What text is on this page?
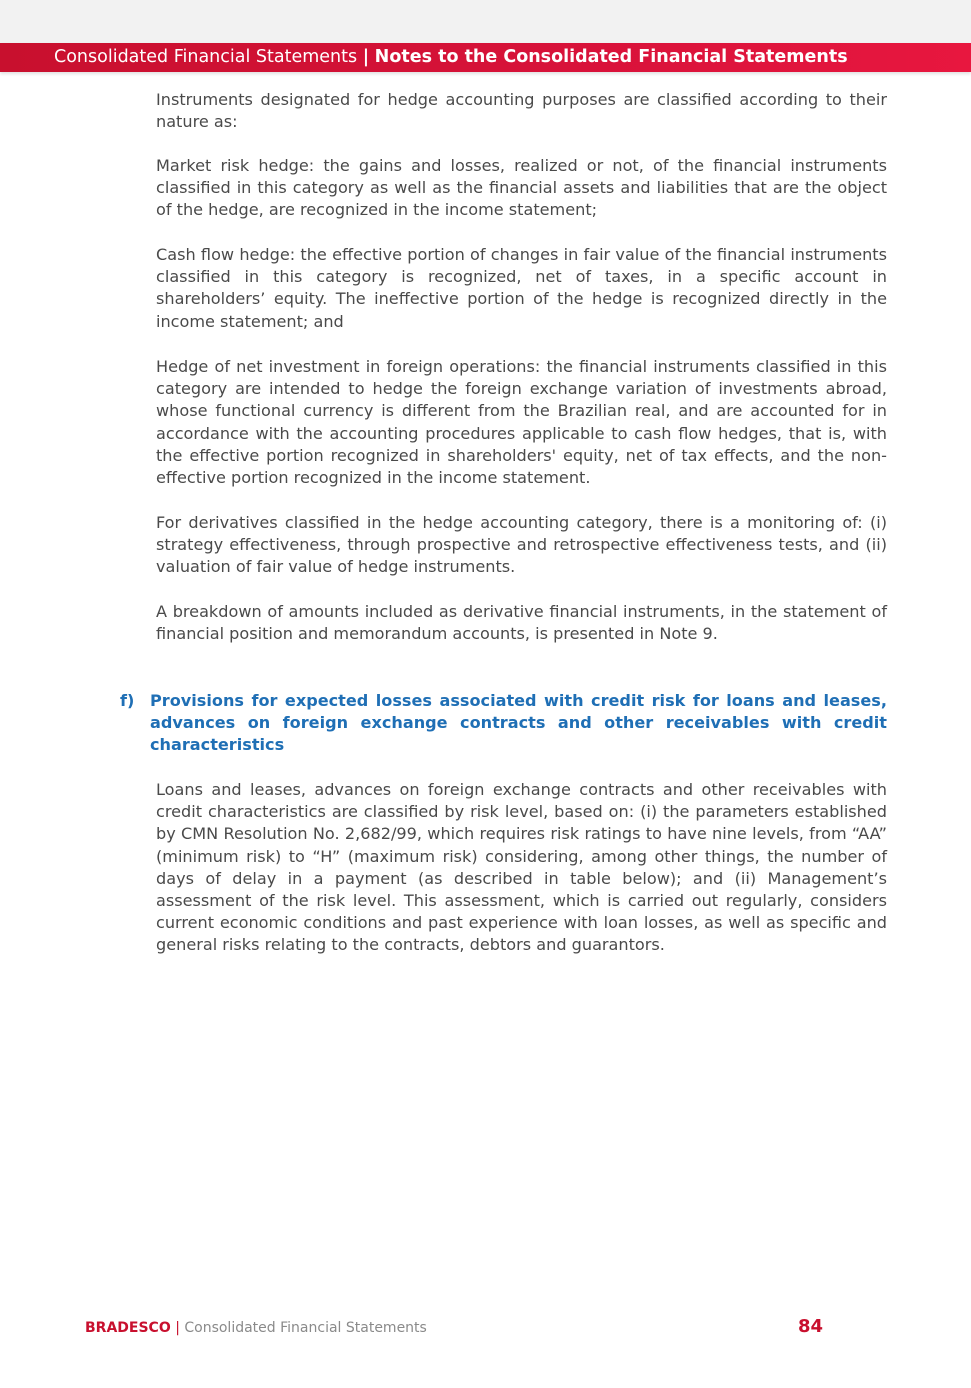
Consolidated Financial Statements | Notes to the Consolidated Financial Statements

Instruments designated for hedge accounting purposes are classified according to their nature as:

Market risk hedge: the gains and losses, realized or not, of the financial instruments classified in this category as well as the financial assets and liabilities that are the object of the hedge, are recognized in the income statement;

Cash flow hedge: the effective portion of changes in fair value of the financial instruments classified in this category is recognized, net of taxes, in a specific account in shareholders’ equity. The ineffective portion of the hedge is recognized directly in the income statement; and

Hedge of net investment in foreign operations: the financial instruments classified in this category are intended to hedge the foreign exchange variation of investments abroad, whose functional currency is different from the Brazilian real, and are accounted for in accordance with the accounting procedures applicable to cash flow hedges, that is, with the effective portion recognized in shareholders' equity, net of tax effects, and the non-effective portion recognized in the income statement.

For derivatives classified in the hedge accounting category, there is a monitoring of: (i) strategy effectiveness, through prospective and retrospective effectiveness tests, and (ii) valuation of fair value of hedge instruments.

A breakdown of amounts included as derivative financial instruments, in the statement of financial position and memorandum accounts, is presented in Note 9.

f) Provisions for expected losses associated with credit risk for loans and leases, advances on foreign exchange contracts and other receivables with credit characteristics

Loans and leases, advances on foreign exchange contracts and other receivables with credit characteristics are classified by risk level, based on: (i) the parameters established by CMN Resolution No. 2,682/99, which requires risk ratings to have nine levels, from “AA” (minimum risk) to “H” (maximum risk) considering, among other things, the number of days of delay in a payment (as described in table below); and (ii) Management’s assessment of the risk level. This assessment, which is carried out regularly, considers current economic conditions and past experience with loan losses, as well as specific and general risks relating to the contracts, debtors and guarantors.

BRADESCO | Consolidated Financial Statements	84
